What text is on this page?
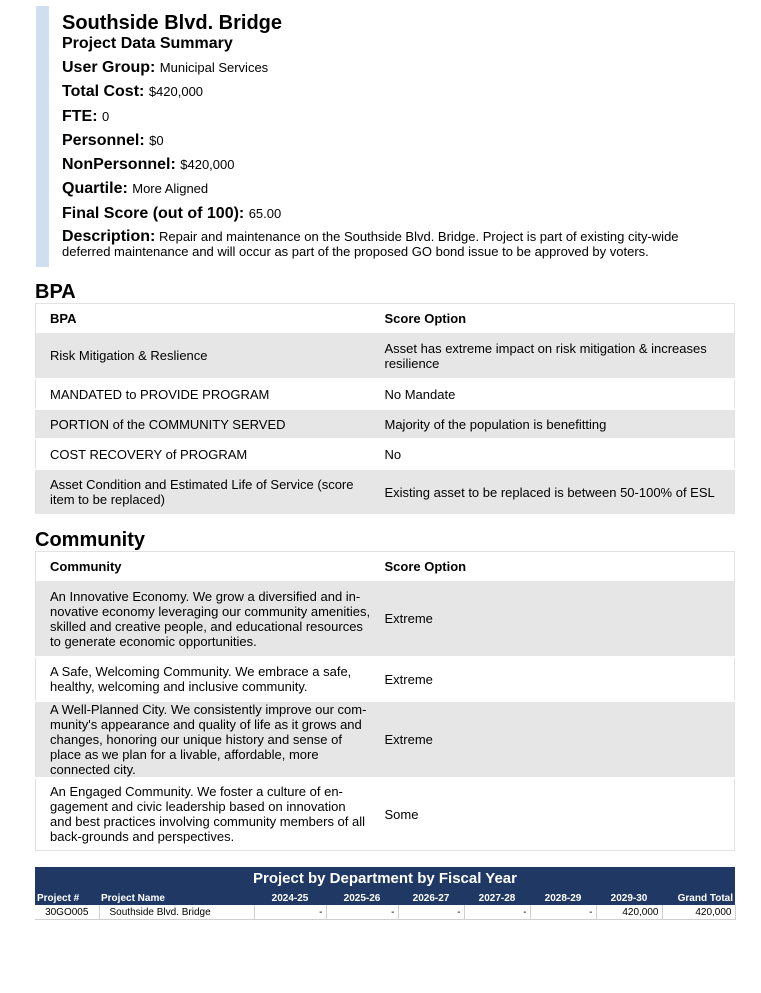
Southside Blvd. Bridge
Project Data Summary
User Group: Municipal Services
Total Cost: $420,000
FTE: 0
Personnel: $0
NonPersonnel: $420,000
Quartile: More Aligned
Final Score (out of 100): 65.00
Description: Repair and maintenance on the Southside Blvd. Bridge. Project is part of existing city-wide deferred maintenance and will occur as part of the proposed GO bond issue to be approved by voters.
BPA
BPA	Score Option
Risk Mitigation & Reslience	Asset has extreme impact on risk mitigation & increases resilience
MANDATED to PROVIDE PROGRAM	No Mandate
PORTION of the COMMUNITY SERVED	Majority of the population is benefitting
COST RECOVERY of PROGRAM	No
Asset Condition and Estimated Life of Service (score item to be replaced)	Existing asset to be replaced is between 50-100% of ESL
Community
Community	Score Option
An Innovative Economy. We grow a diversified and in-novative economy leveraging our community amenities, skilled and creative people, and educational resources to generate economic opportunities.	Extreme
A Safe, Welcoming Community. We embrace a safe, healthy, welcoming and inclusive community.	Extreme
A Well-Planned City. We consistently improve our com-munity's appearance and quality of life as it grows and changes, honoring our unique history and sense of place as we plan for a livable, affordable, more connected city.	Extreme
An Engaged Community. We foster a culture of en-gagement and civic leadership based on innovation and best practices involving community members of all back-grounds and perspectives.	Some
Project by Department by Fiscal Year
Project #	Project Name	2024-25	2025-26	2026-27	2027-28	2028-29	2029-30	Grand Total
30GO005	Southside Blvd. Bridge	-	-	-	-	-	420,000	420,000
